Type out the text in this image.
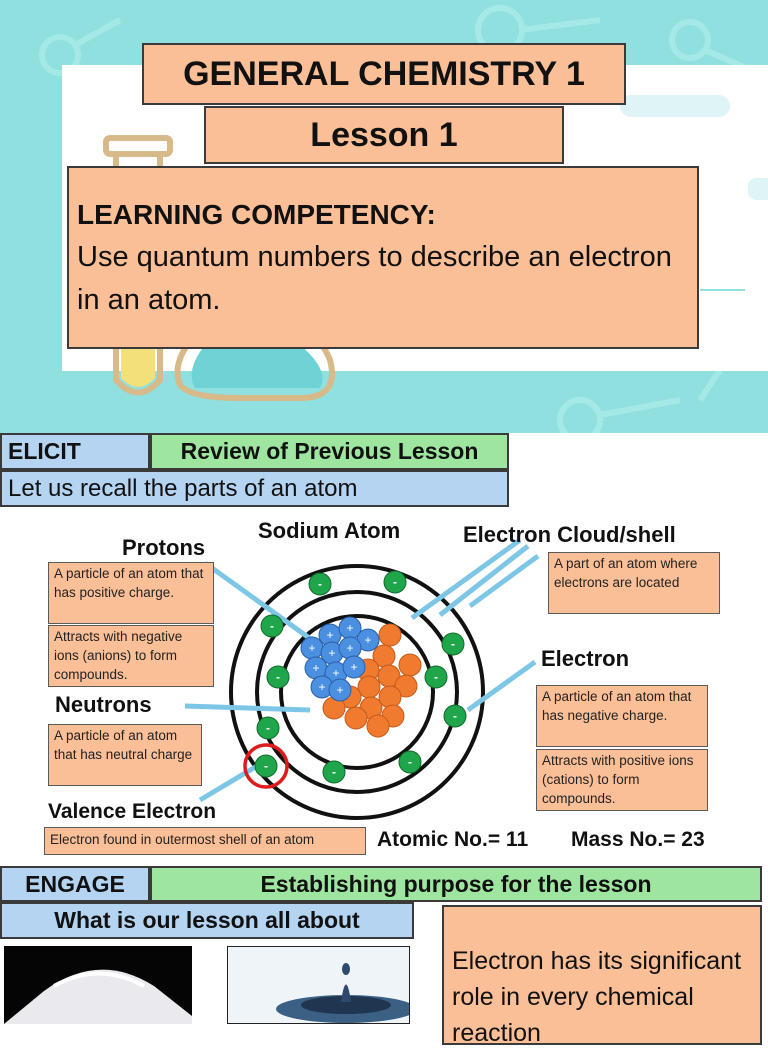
GENERAL CHEMISTRY 1
Lesson 1
LEARNING COMPETENCY:
Use quantum numbers to describe an electron in an atom.
ELICIT	Review of Previous Lesson
Let us recall the parts of an atom
+ +
+
+ + +
+ + +
+ +
-	-
-
-
-	-
-
-
-
-
-
Sodium Atom
Protons
Electron Cloud/shell
Electron
Neutrons
Valence Electron
A particle of an atom that has positive charge.
Attracts with negative ions (anions) to form compounds.
A particle of an atom that has neutral charge
Electron found in outermost shell of an atom
A part of an atom where electrons are located
A particle of an atom that has negative charge.
Attracts with positive ions (cations) to form compounds.
Atomic No.= 11 Mass No.= 23
ENGAGE	Establishing purpose for the lesson
What is our lesson all about
Electron has its significant role in every chemical reaction
